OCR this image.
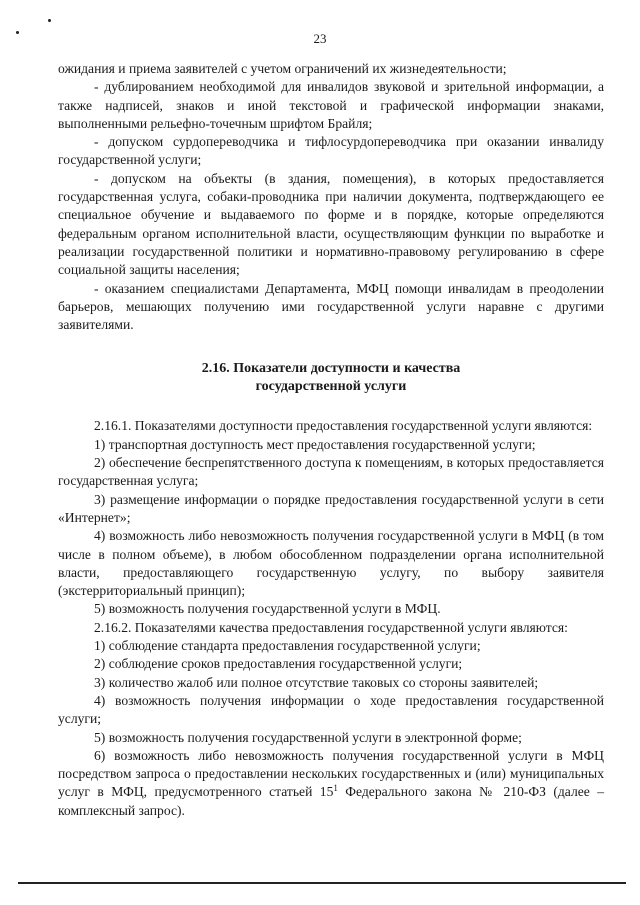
23

ожидания и приема заявителей с учетом ограничений их жизнедеятельности;

- дублированием необходимой для инвалидов звуковой и зрительной информации, а также надписей, знаков и иной текстовой и графической информации знаками, выполненными рельефно-точечным шрифтом Брайля;

- допуском сурдопереводчика и тифлосурдопереводчика при оказании инвалиду государственной услуги;

- допуском на объекты (в здания, помещения), в которых предоставляется государственная услуга, собаки-проводника при наличии документа, подтверждающего ее специальное обучение и выдаваемого по форме и в порядке, которые определяются федеральным органом исполнительной власти, осуществляющим функции по выработке и реализации государственной политики и нормативно-правовому регулированию в сфере социальной защиты населения;

- оказанием специалистами Департамента, МФЦ помощи инвалидам в преодолении барьеров, мешающих получению ими государственной услуги наравне с другими заявителями.

2.16. Показатели доступности и качества
государственной услуги

2.16.1. Показателями доступности предоставления государственной услуги являются:

1) транспортная доступность мест предоставления государственной услуги;

2) обеспечение беспрепятственного доступа к помещениям, в которых предоставляется государственная услуга;

3) размещение информации о порядке предоставления государственной услуги в сети «Интернет»;

4) возможность либо невозможность получения государственной услуги в МФЦ (в том числе в полном объеме), в любом обособленном подразделении органа исполнительной власти, предоставляющего государственную услугу, по выбору заявителя (экстерриториальный принцип);

5) возможность получения государственной услуги в МФЦ.

2.16.2. Показателями качества предоставления государственной услуги являются:

1) соблюдение стандарта предоставления государственной услуги;

2) соблюдение сроков предоставления государственной услуги;

3) количество жалоб или полное отсутствие таковых со стороны заявителей;

4) возможность получения информации о ходе предоставления государственной услуги;

5) возможность получения государственной услуги в электронной форме;

6) возможность либо невозможность получения государственной услуги в МФЦ посредством запроса о предоставлении нескольких государственных и (или) муниципальных услуг в МФЦ, предусмотренного статьей $15^1$ Федерального закона № 210-ФЗ (далее – комплексный запрос).
